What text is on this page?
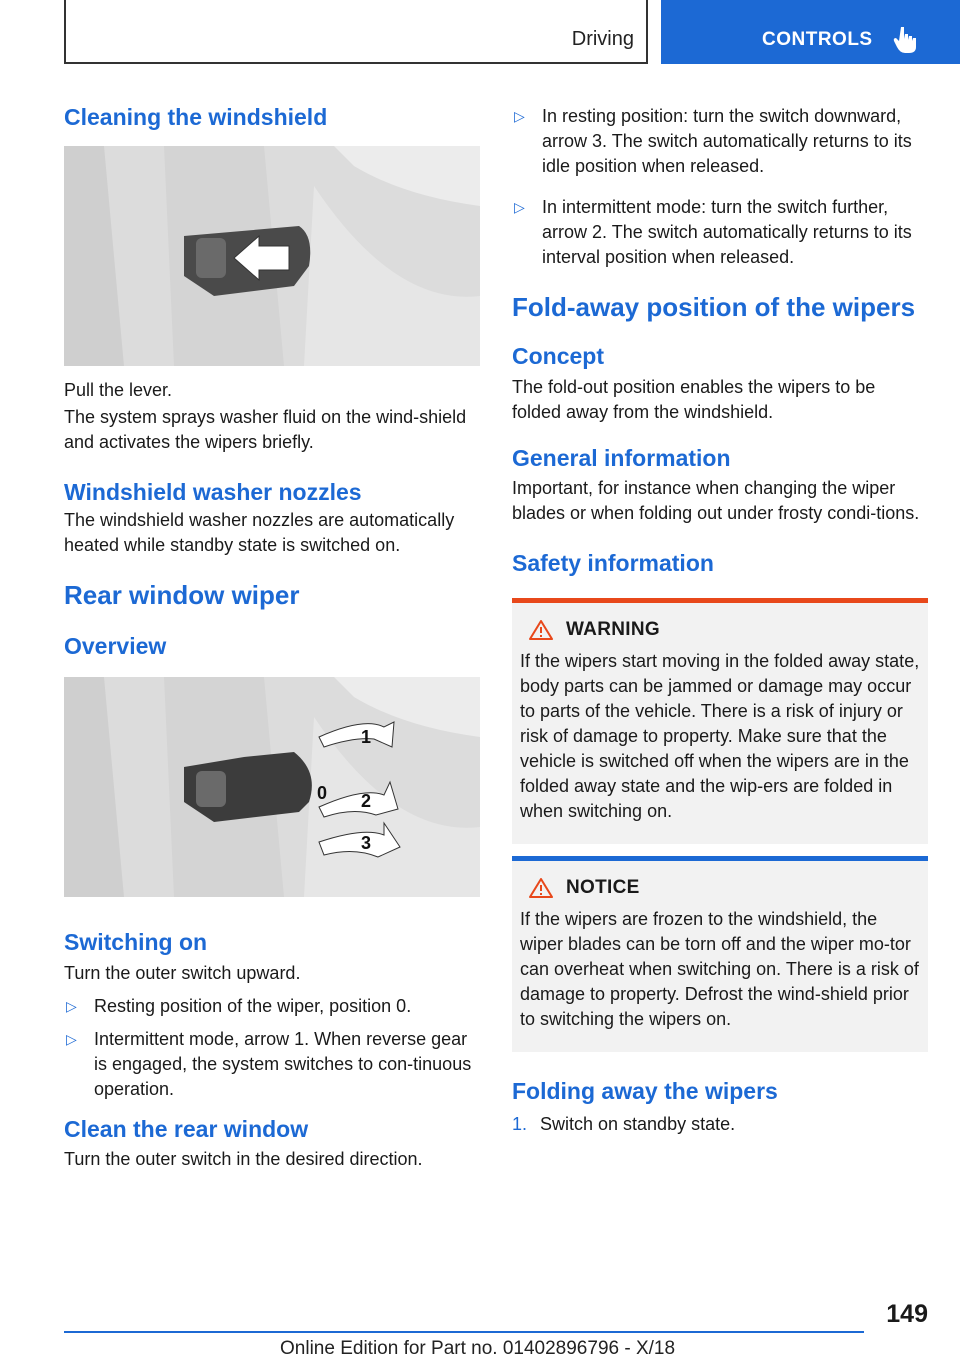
Driving	CONTROLS
Cleaning the windshield

Pull the lever.

The system sprays washer fluid on the wind-shield and activates the wipers briefly.

Windshield washer nozzles

The windshield washer nozzles are automatically heated while standby state is switched on.

Rear window wiper
Overview
1
0 2
3
Switching on

Turn the outer switch upward.

▷ Resting position of the wiper, position 0.
▷ Intermittent mode, arrow 1. When reverse gear is engaged, the system switches to con-tinuous operation.
Clean the rear window

Turn the outer switch in the desired direction.

▷ In resting position: turn the switch downward, arrow 3. The switch automatically returns to its idle position when released.
▷ In intermittent mode: turn the switch further, arrow 2. The switch automatically returns to its interval position when released.
Fold-away position of the wipers
Concept

The fold-out position enables the wipers to be folded away from the windshield.

General information

Important, for instance when changing the wiper blades or when folding out under frosty condi-tions.

Safety information
WARNING

If the wipers start moving in the folded away state, body parts can be jammed or damage may occur to parts of the vehicle. There is a risk of injury or risk of damage to property. Make sure that the vehicle is switched off when the wipers are in the folded away state and the wip-ers are folded in when switching on.

NOTICE

If the wipers are frozen to the windshield, the wiper blades can be torn off and the wiper mo-tor can overheat when switching on. There is a risk of damage to property. Defrost the wind-shield prior to switching the wipers on.

Folding away the wipers
1. Switch on standby state.
149
Online Edition for Part no. 01402896796 - X/18
